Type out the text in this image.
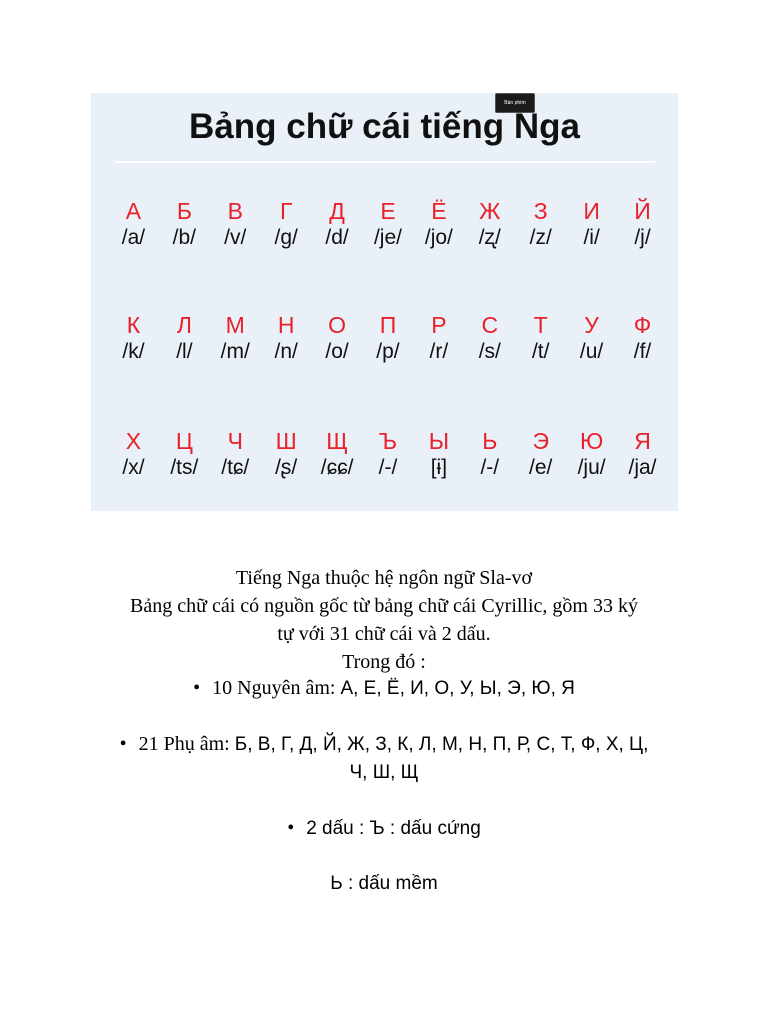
Bàn phím
Bảng chữ cái tiếng Nga
А
/a/
Б
/b/
В
/v/
Г
/g/
Д
/d/
Е
/je/
Ё
/jo/
Ж
/ʐ/
З
/z/
И
/i/
Й
/j/
К
/k/
Л
/l/
М
/m/
Н
/n/
О
/o/
П
/p/
Р
/r/
С
/s/
Т
/t/
У
/u/
Ф
/f/
Х
/x/
Ц
/ts/
Ч
/tɕ/
Ш
/ʂ/
Щ
/ɕɕ/
Ъ
/-/
Ы
[ɨ]
Ь
/-/
Э
/e/
Ю
/ju/
Я
/ja/
Tiếng Nga thuộc hệ ngôn ngữ Sla-vơ
Bảng chữ cái có nguồn gốc từ bảng chữ cái Cyrillic, gồm 33 ký
tự với 31 chữ cái và 2 dấu.
Trong đó :
• 10 Nguyên âm: А, Е, Ё, И, О, У, Ы, Э, Ю, Я
• 21 Phụ âm: Б, В, Г, Д, Й, Ж, З, К, Л, М, Н, П, Р, С, Т, Ф, Х, Ц,
Ч, Ш, Щ
• 2 dấu : Ъ : dấu cứng
Ь : dấu mềm
